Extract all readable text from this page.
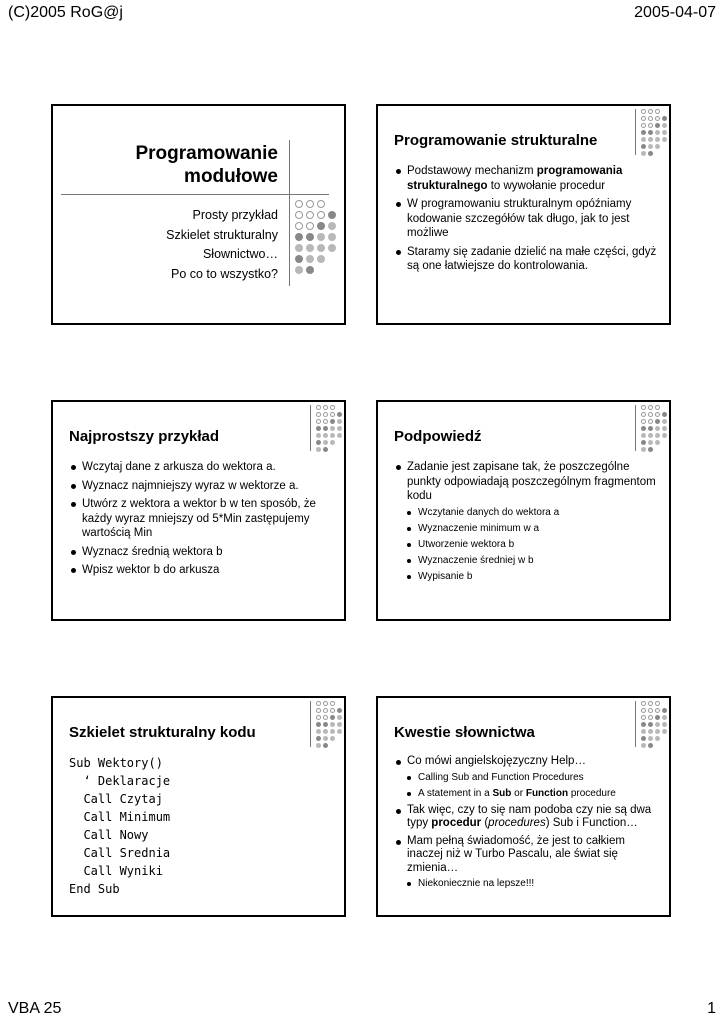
(C)2005 RoG@j	2005-04-07
VBA 25	1
Programowanie
modułowe
Prosty przykład
Szkielet strukturalny
Słownictwo…
Po co to wszystko?
Programowanie strukturalne
Podstawowy mechanizm programowania strukturalnego to wywołanie procedur
W programowaniu strukturalnym opóźniamy kodowanie szczegółów tak długo, jak to jest możliwe
Staramy się zadanie dzielić na małe części, gdyż są one łatwiejsze do kontrolowania.
Najprostszy przykład
Wczytaj dane z arkusza do wektora a.
Wyznacz najmniejszy wyraz w wektorze a.
Utwórz z wektora a wektor b w ten sposób, że każdy wyraz mniejszy od 5*Min zastępujemy wartością Min
Wyznacz średnią wektora b
Wpisz wektor b do arkusza
Podpowiedź
Zadanie jest zapisane tak, że poszczególne punkty odpowiadają poszczególnym fragmentom kodu
Wczytanie danych do wektora a
Wyznaczenie minimum w a
Utworzenie wektora b
Wyznaczenie średniej w b
Wypisanie b
Szkielet strukturalny kodu
Sub Wektory()
‘ Deklaracje
Call Czytaj
Call Minimum
Call Nowy
Call Srednia
Call Wyniki
End Sub
Kwestie słownictwa
Co mówi angielskojęzyczny Help…
Calling Sub and Function Procedures
A statement in a Sub or Function procedure
Tak więc, czy to się nam podoba czy nie są dwa typy procedur (procedures) Sub i Function…
Mam pełną świadomość, że jest to całkiem inaczej niż w Turbo Pascalu, ale świat się zmienia…
Niekoniecznie na lepsze!!!
